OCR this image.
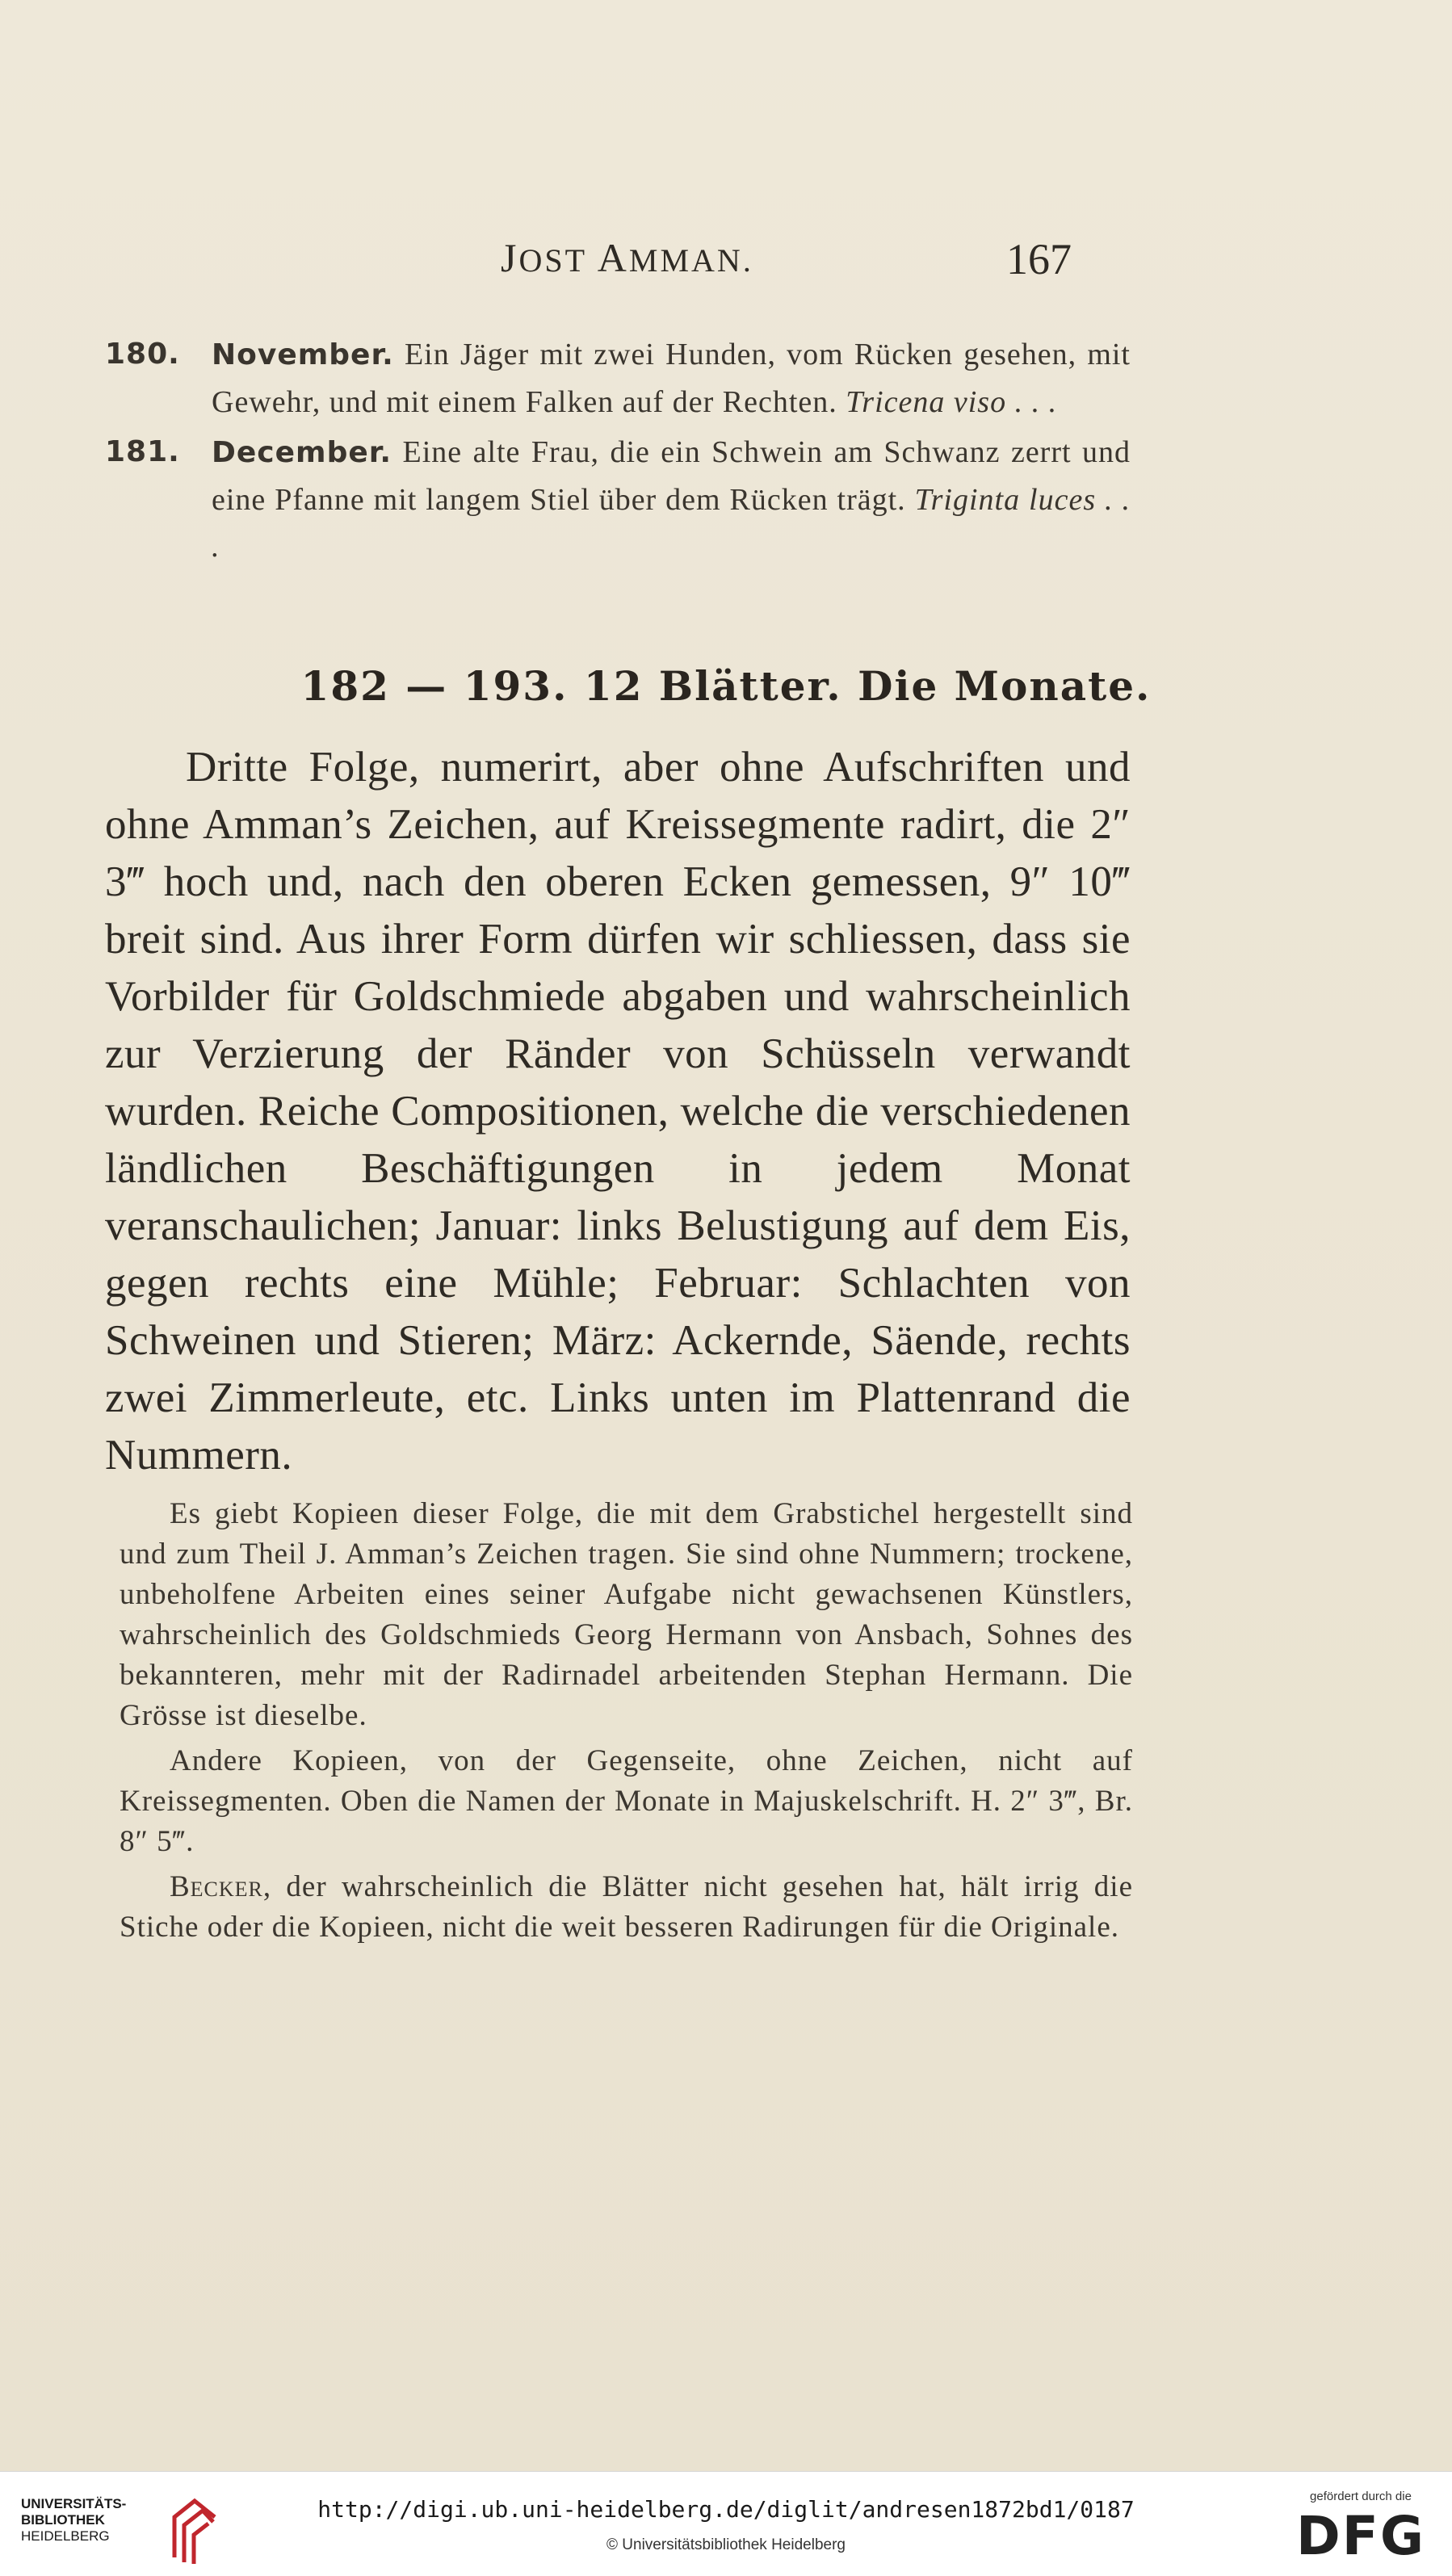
JOST AMMAN.	167
180. November. Ein Jäger mit zwei Hunden, vom Rücken gesehen, mit Gewehr, und mit einem Falken auf der Rechten. Tricena viso . . .
181. December. Eine alte Frau, die ein Schwein am Schwanz zerrt und eine Pfanne mit langem Stiel über dem Rücken trägt. Triginta luces . . .
182 — 193. 12 Blätter. Die Monate.
Dritte Folge, numerirt, aber ohne Aufschriften und ohne Amman’s Zeichen, auf Kreissegmente radirt, die 2″ 3‴ hoch und, nach den oberen Ecken gemessen, 9″ 10‴ breit sind. Aus ihrer Form dürfen wir schliessen, dass sie Vorbilder für Goldschmiede abgaben und wahrscheinlich zur Verzierung der Ränder von Schüsseln verwandt wurden. Reiche Compositionen, welche die verschiedenen ländlichen Beschäftigungen in jedem Monat veranschaulichen; Januar: links Belustigung auf dem Eis, gegen rechts eine Mühle; Februar: Schlachten von Schweinen und Stieren; März: Ackernde, Säende, rechts zwei Zimmerleute, etc. Links unten im Plattenrand die Nummern.

Es giebt Kopieen dieser Folge, die mit dem Grabstichel hergestellt sind und zum Theil J. Amman’s Zeichen tragen. Sie sind ohne Nummern; trockene, unbeholfene Arbeiten eines seiner Aufgabe nicht gewachsenen Künstlers, wahrscheinlich des Goldschmieds Georg Hermann von Ansbach, Sohnes des bekannteren, mehr mit der Radirnadel arbeitenden Stephan Hermann. Die Grösse ist dieselbe.

Andere Kopieen, von der Gegenseite, ohne Zeichen, nicht auf Kreissegmenten. Oben die Namen der Monate in Majuskelschrift. H. 2″ 3‴, Br. 8″ 5‴.

Becker, der wahrscheinlich die Blätter nicht gesehen hat, hält irrig die Stiche oder die Kopieen, nicht die weit besseren Radirungen für die Originale.

UNIVERSITÄTS-
BIBLIOTHEK
HEIDELBERG
http://digi.ub.uni-heidelberg.de/diglit/andresen1872bd1/0187
© Universitätsbibliothek Heidelberg
gefördert durch die
DFG
